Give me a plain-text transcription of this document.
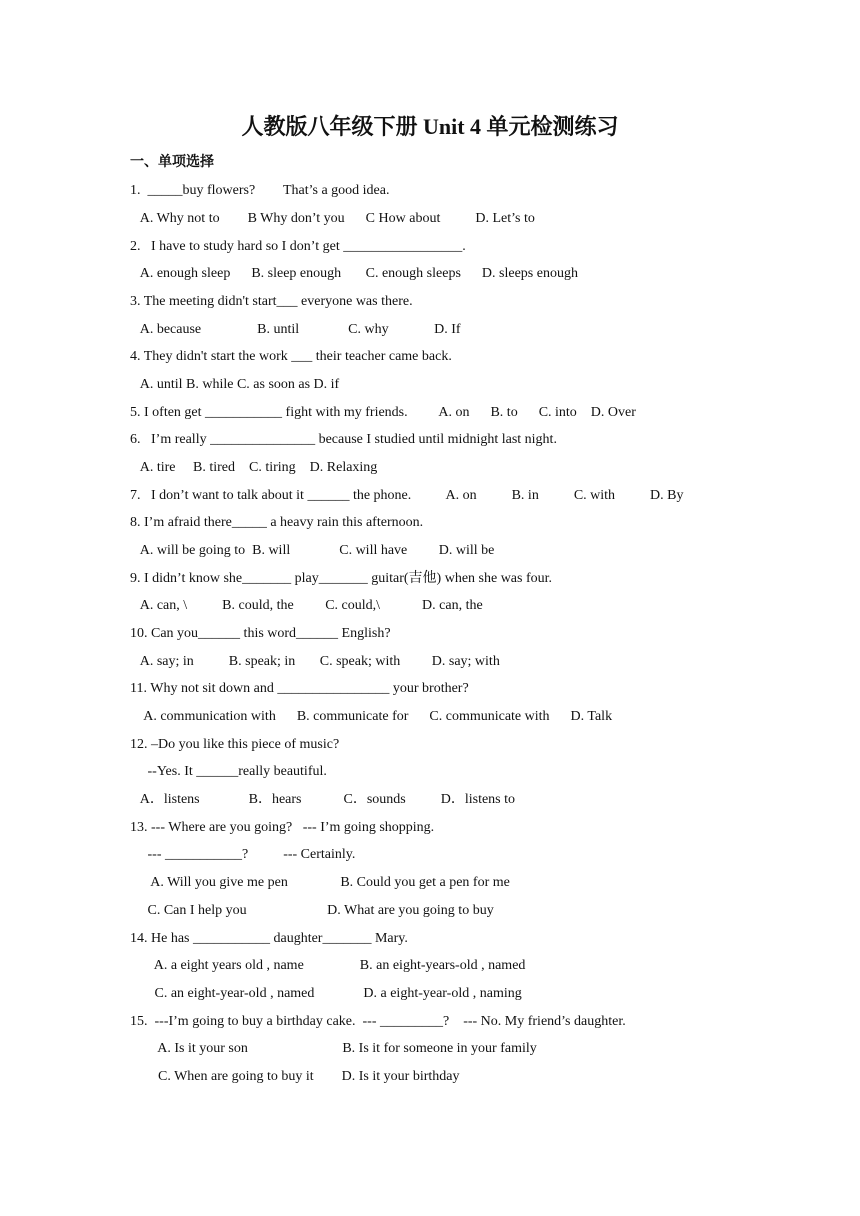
人教版八年级下册 Unit 4 单元检测练习
一、单项选择
1.  _____buy flowers?        That’s a good idea.
A. Why not to        B Why don’t you      C How about          D. Let’s to
2.   I have to study hard so I don’t get _________________.
A. enough sleep      B. sleep enough       C. enough sleeps      D. sleeps enough
3. The meeting didn't start___ everyone was there.
A. because                B. until              C. why             D. If
4. They didn't start the work ___ their teacher came back.
A. until B. while C. as soon as D. if
5. I often get ___________ fight with my friends.         A. on      B. to      C. into    D. Over
6.   I’m really _______________ because I studied until midnight last night.
A. tire     B. tired    C. tiring    D. Relaxing
7.   I don’t want to talk about it ______ the phone.          A. on          B. in          C. with          D. By
8. I’m afraid there_____ a heavy rain this afternoon.
A. will be going to  B. will              C. will have         D. will be
9. I didn’t know she_______ play_______ guitar(吉他) when she was four.
A. can, \          B. could, the         C. could,\            D. can, the
10. Can you______ this word______ English?
A. say; in          B. speak; in       C. speak; with         D. say; with
11. Why not sit down and ________________ your brother?
A. communication with      B. communicate for      C. communicate with      D. Talk
12. –Do you like this piece of music?
--Yes. It ______really beautiful.
A．listens              B．hears            C．sounds          D．listens to
13. --- Where are you going?   --- I’m going shopping.
--- ___________?          --- Certainly.
A. Will you give me pen               B. Could you get a pen for me
C. Can I help you                       D. What are you going to buy
14. He has ___________ daughter_______ Mary.
A. a eight years old , name                B. an eight-years-old , named
C. an eight-year-old , named              D. a eight-year-old , naming
15.  ---I’m going to buy a birthday cake.  --- _________?    --- No. My friend’s daughter.
A. Is it your son                           B. Is it for someone in your family
C. When are going to buy it        D. Is it your birthday
